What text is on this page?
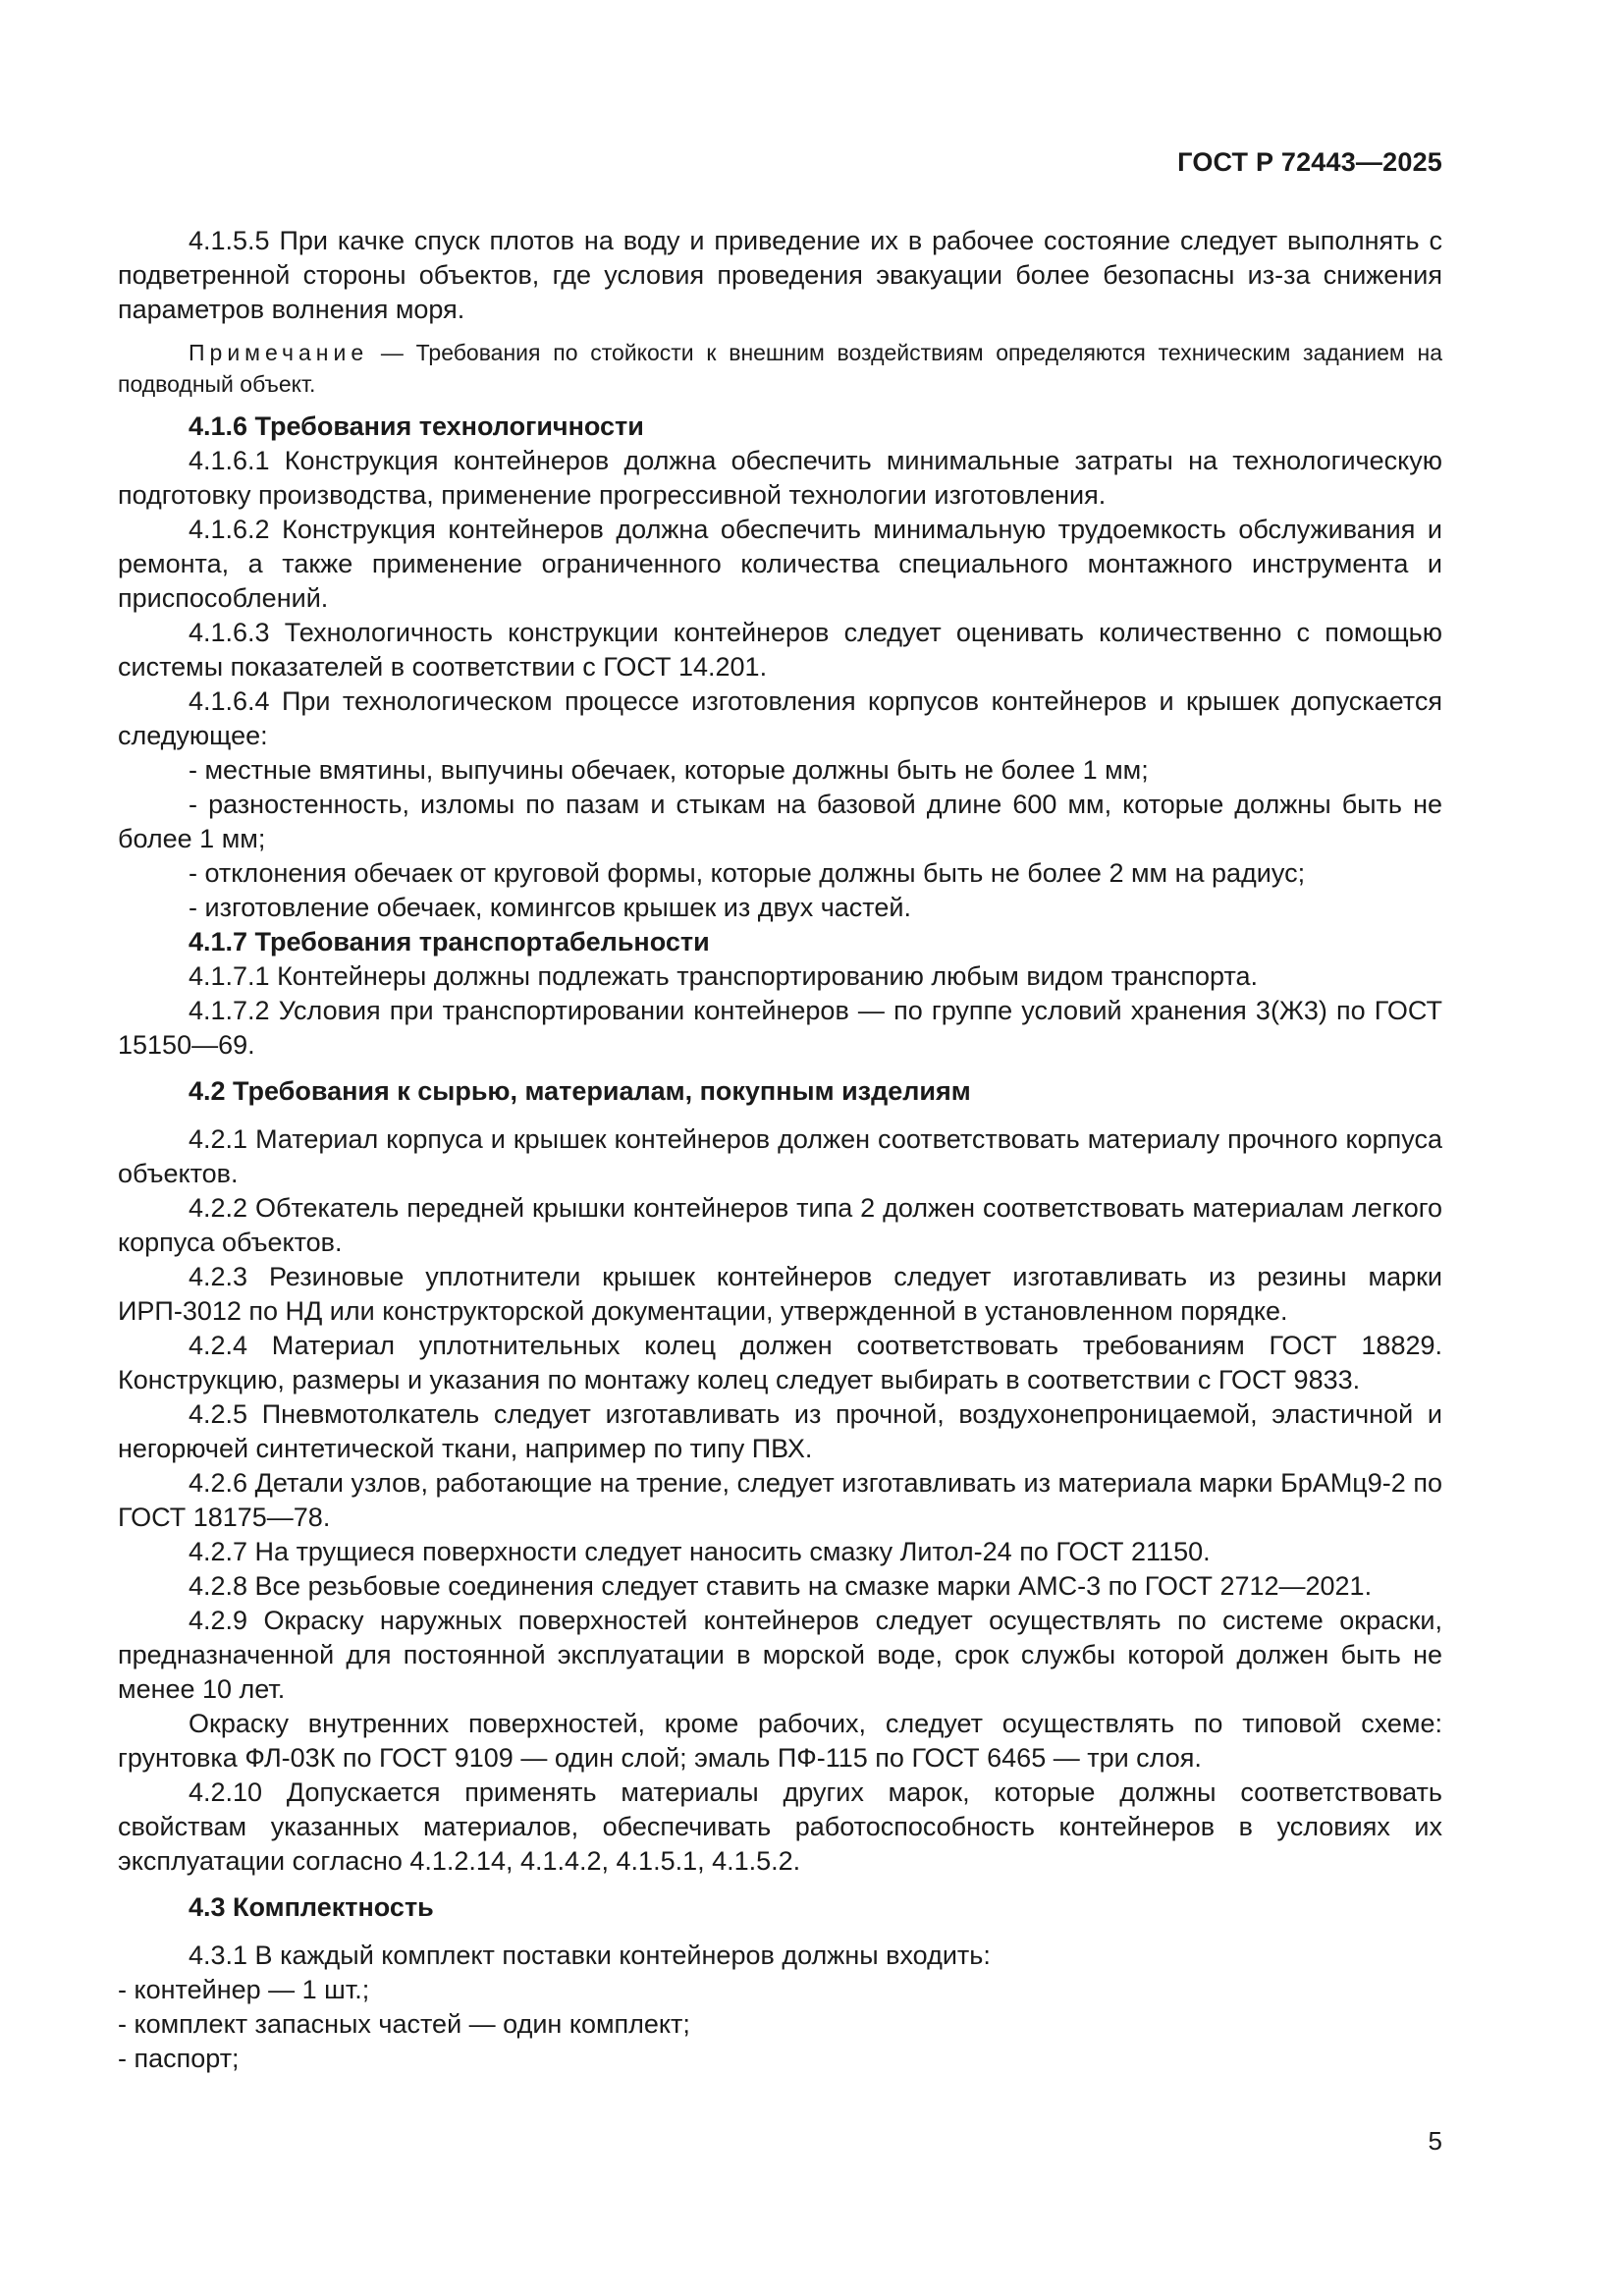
ГОСТ Р 72443—2025

4.1.5.5 При качке спуск плотов на воду и приведение их в рабочее состояние следует выполнять с подветренной стороны объектов, где условия проведения эвакуации более безопасны из-за снижения параметров волнения моря.

Примечание — Требования по стойкости к внешним воздействиям определяются техническим заданием на подводный объект.

4.1.6 Требования технологичности

4.1.6.1 Конструкция контейнеров должна обеспечить минимальные затраты на технологическую подготовку производства, применение прогрессивной технологии изготовления.

4.1.6.2 Конструкция контейнеров должна обеспечить минимальную трудоемкость обслуживания и ремонта, а также применение ограниченного количества специального монтажного инструмента и приспособлений.

4.1.6.3 Технологичность конструкции контейнеров следует оценивать количественно с помощью системы показателей в соответствии с ГОСТ 14.201.

4.1.6.4 При технологическом процессе изготовления корпусов контейнеров и крышек допускается следующее:

- местные вмятины, выпучины обечаек, которые должны быть не более 1 мм;

- разностенность, изломы по пазам и стыкам на базовой длине 600 мм, которые должны быть не более 1 мм;

- отклонения обечаек от круговой формы, которые должны быть не более 2 мм на радиус;

- изготовление обечаек, комингсов крышек из двух частей.

4.1.7 Требования транспортабельности

4.1.7.1 Контейнеры должны подлежать транспортированию любым видом транспорта.

4.1.7.2 Условия при транспортировании контейнеров — по группе условий хранения 3(Ж3) по ГОСТ 15150—69.

4.2 Требования к сырью, материалам, покупным изделиям

4.2.1 Материал корпуса и крышек контейнеров должен соответствовать материалу прочного корпуса объектов.

4.2.2 Обтекатель передней крышки контейнеров типа 2 должен соответствовать материалам легкого корпуса объектов.

4.2.3 Резиновые уплотнители крышек контейнеров следует изготавливать из резины марки ИРП-3012 по НД или конструкторской документации, утвержденной в установленном порядке.

4.2.4 Материал уплотнительных колец должен соответствовать требованиям ГОСТ 18829. Конструкцию, размеры и указания по монтажу колец следует выбирать в соответствии с ГОСТ 9833.

4.2.5 Пневмотолкатель следует изготавливать из прочной, воздухонепроницаемой, эластичной и негорючей синтетической ткани, например по типу ПВХ.

4.2.6 Детали узлов, работающие на трение, следует изготавливать из материала марки БрАМц9-2 по ГОСТ 18175—78.

4.2.7 На трущиеся поверхности следует наносить смазку Литол-24 по ГОСТ 21150.

4.2.8 Все резьбовые соединения следует ставить на смазке марки АМС-3 по ГОСТ 2712—2021.

4.2.9 Окраску наружных поверхностей контейнеров следует осуществлять по системе окраски, предназначенной для постоянной эксплуатации в морской воде, срок службы которой должен быть не менее 10 лет.

Окраску внутренних поверхностей, кроме рабочих, следует осуществлять по типовой схеме: грунтовка ФЛ-03К по ГОСТ 9109 — один слой; эмаль ПФ-115 по ГОСТ 6465 — три слоя.

4.2.10 Допускается применять материалы других марок, которые должны соответствовать свойствам указанных материалов, обеспечивать работоспособность контейнеров в условиях их эксплуатации согласно 4.1.2.14, 4.1.4.2, 4.1.5.1, 4.1.5.2.

4.3 Комплектность

4.3.1 В каждый комплект поставки контейнеров должны входить:

- контейнер — 1 шт.;

- комплект запасных частей — один комплект;

- паспорт;

5
